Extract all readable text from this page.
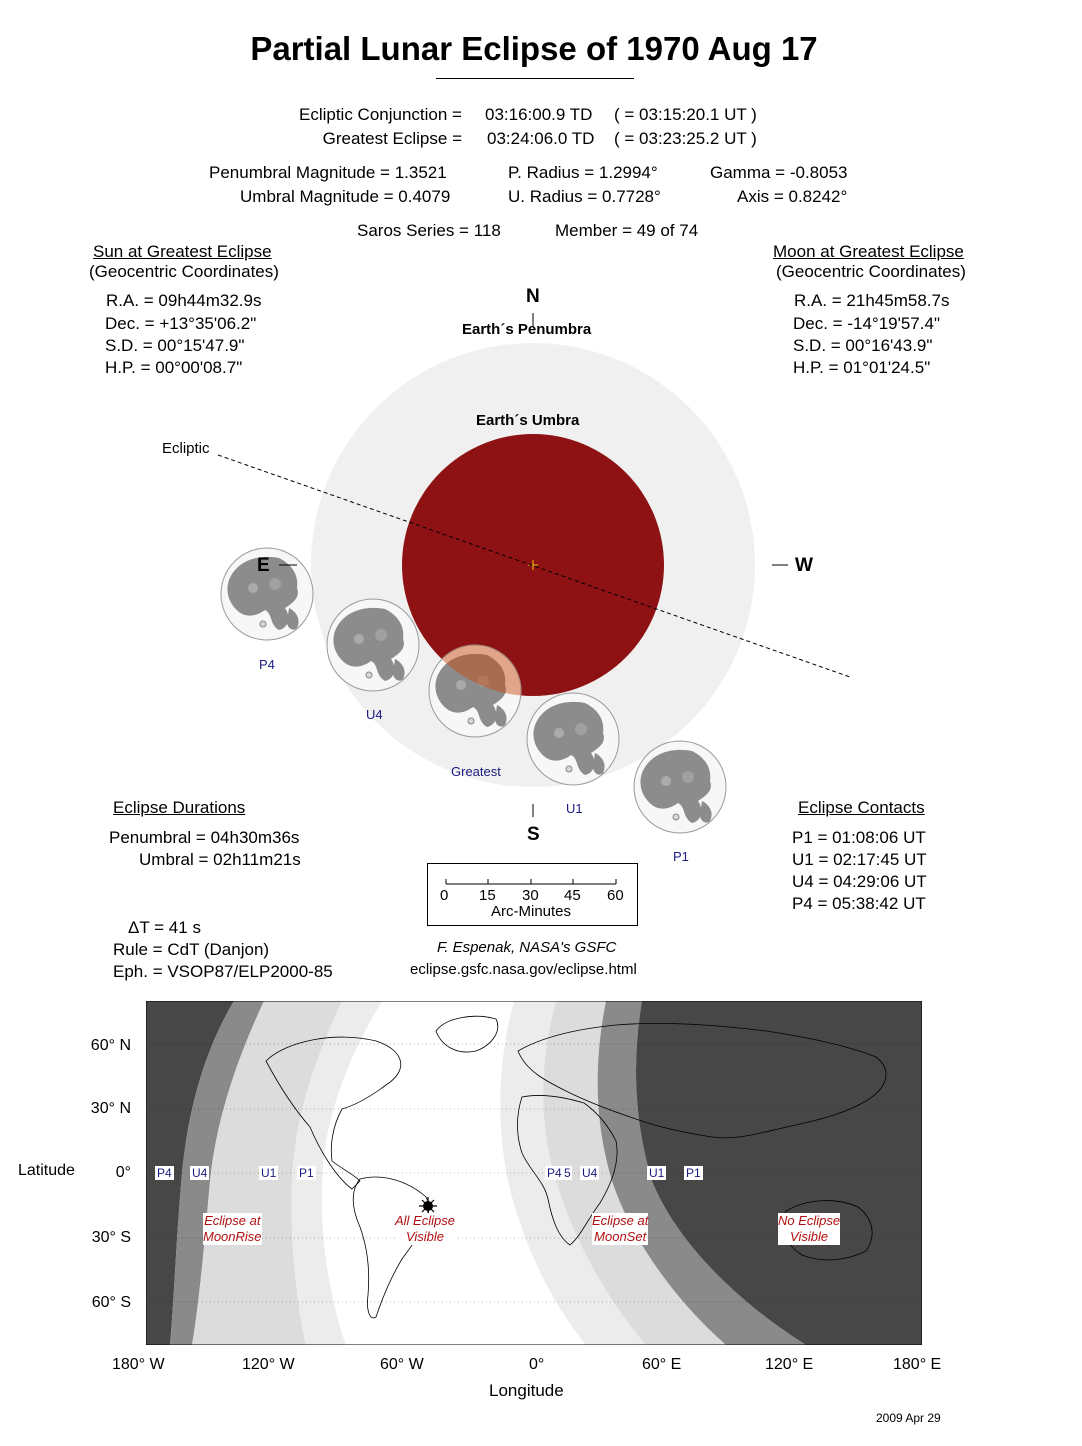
Partial Lunar Eclipse of 1970 Aug 17
Ecliptic Conjunction = 03:16:00.9 TD ( = 03:15:20.1 UT )
Greatest Eclipse = 03:24:06.0 TD ( = 03:23:25.2 UT )
Penumbral Magnitude = 1.3521
Umbral Magnitude = 0.4079
P. Radius = 1.2994°
U. Radius = 0.7728°
Gamma = -0.8053
Axis = 0.8242°
Saros Series = 118	Member = 49 of 74
Sun at Greatest Eclipse
(Geocentric Coordinates)
R.A. = 09h44m32.9s
Dec. = +13°35'06.2"
S.D. = 00°15'47.9"
H.P. = 00°00'08.7"
Moon at Greatest Eclipse
(Geocentric Coordinates)
R.A. = 21h45m58.7s
Dec. = -14°19'57.4"
S.D. = 00°16'43.9"
H.P. = 01°01'24.5"
N
S
E	W
Earth´s Penumbra
Earth´s Umbra
Ecliptic
P4
U4
Greatest
U1
P1
Eclipse Durations
Penumbral = 04h30m36s
Umbral = 02h11m21s
Eclipse Contacts
P1 = 01:08:06 UT
U1 = 02:17:45 UT
U4 = 04:29:06 UT
P4 = 05:38:42 UT
0 15 30 45 60
Arc-Minutes
ΔT = 41 s
Rule = CdT (Danjon)
Eph. = VSOP87/ELP2000-85
F. Espenak, NASA's GSFC
eclipse.gsfc.nasa.gov/eclipse.html
2009 Apr 29
P4 U4	U1 P1	P4 5 U4	U1 P1
Eclipse at
MoonRise
All Eclipse
Visible
Eclipse at
MoonSet
No Eclipse
Visible
Latitude
60° N
30° N
0°
30° S
60° S
180° W	120° W	60° W	0°	60° E	120° E	180° E
Longitude
